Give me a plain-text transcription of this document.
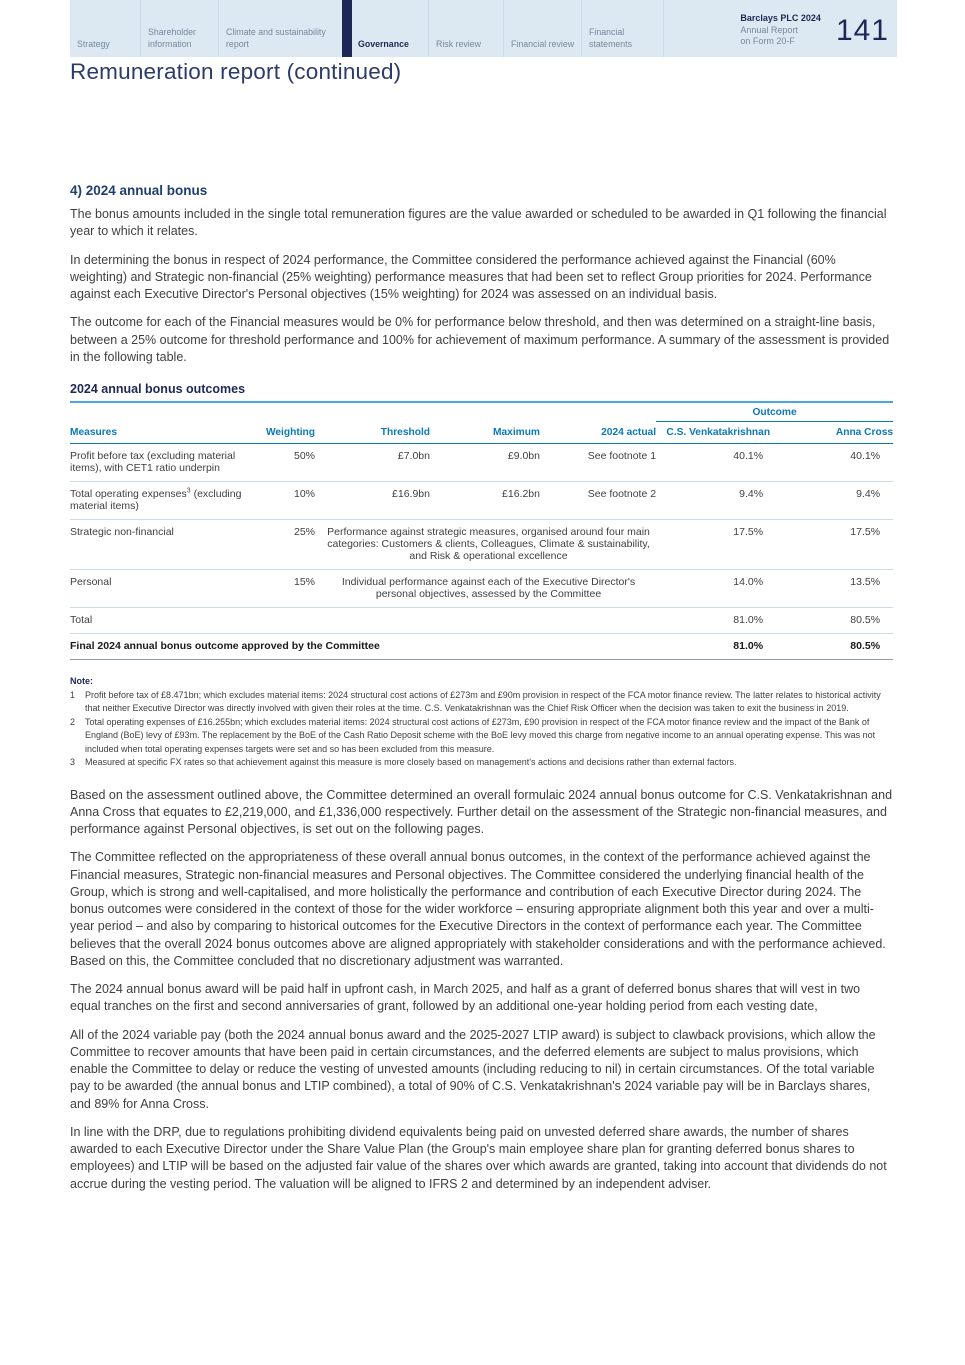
Strategy
Shareholder information
Climate and sustainability report	Governance	Risk review	Financial review
Financial statements
Barclays PLC 2024
Annual Report
on Form 20-F	141
Remuneration report (continued)
4) 2024 annual bonus

The bonus amounts included in the single total remuneration figures are the value awarded or scheduled to be awarded in Q1 following the financial year to which it relates.

In determining the bonus in respect of 2024 performance, the Committee considered the performance achieved against the Financial (60% weighting) and Strategic non-financial (25% weighting) performance measures that had been set to reflect Group priorities for 2024. Performance against each Executive Director's Personal objectives (15% weighting) for 2024 was assessed on an individual basis.

The outcome for each of the Financial measures would be 0% for performance below threshold, and then was determined on a straight-line basis, between a 25% outcome for threshold performance and 100% for achievement of maximum performance. A summary of the assessment is provided in the following table.

2024 annual bonus outcomes
					Outcome	
Measures	Weighting	Threshold	Maximum	2024 actual	C.S. Venkatakrishnan	Anna Cross
Profit before tax (excluding material items), with CET1 ratio underpin	50%	£7.0bn	£9.0bn	See footnote 1	40.1%	40.1%
Total operating expenses$^3$ (excluding material items)	10%	£16.9bn	£16.2bn	See footnote 2	9.4%	9.4%
Strategic non-financial	25%	Performance against strategic measures, organised around four main categories: Customers & clients, Colleagues, Climate & sustainability, and Risk & operational excellence			17.5%	17.5%
Personal	15%	Individual performance against each of the Executive Director's personal objectives, assessed by the Committee			14.0%	13.5%
Total					81.0%	80.5%
Final 2024 annual bonus outcome approved by the Committee					81.0%	80.5%
Note:
1	Profit before tax of £8.471bn; which excludes material items: 2024 structural cost actions of £273m and £90m provision in respect of the FCA motor finance review. The latter relates to historical activity that neither Executive Director was directly involved with given their roles at the time. C.S. Venkatakrishnan was the Chief Risk Officer when the decision was taken to exit the business in 2019.
2	Total operating expenses of £16.255bn; which excludes material items: 2024 structural cost actions of £273m, £90 provision in respect of the FCA motor finance review and the impact of the Bank of England (BoE) levy of £93m. The replacement by the BoE of the Cash Ratio Deposit scheme with the BoE levy moved this charge from negative income to an annual operating expense. This was not included when total operating expenses targets were set and so has been excluded from this measure.
3	Measured at specific FX rates so that achievement against this measure is more closely based on management's actions and decisions rather than external factors.

Based on the assessment outlined above, the Committee determined an overall formulaic 2024 annual bonus outcome for C.S. Venkatakrishnan and Anna Cross that equates to £2,219,000, and £1,336,000 respectively. Further detail on the assessment of the Strategic non-financial measures, and performance against Personal objectives, is set out on the following pages.

The Committee reflected on the appropriateness of these overall annual bonus outcomes, in the context of the performance achieved against the Financial measures, Strategic non-financial measures and Personal objectives. The Committee considered the underlying financial health of the Group, which is strong and well-capitalised, and more holistically the performance and contribution of each Executive Director during 2024. The bonus outcomes were considered in the context of those for the wider workforce – ensuring appropriate alignment both this year and over a multi-year period – and also by comparing to historical outcomes for the Executive Directors in the context of performance each year. The Committee believes that the overall 2024 bonus outcomes above are aligned appropriately with stakeholder considerations and with the performance achieved. Based on this, the Committee concluded that no discretionary adjustment was warranted.

The 2024 annual bonus award will be paid half in upfront cash, in March 2025, and half as a grant of deferred bonus shares that will vest in two equal tranches on the first and second anniversaries of grant, followed by an additional one-year holding period from each vesting date,

All of the 2024 variable pay (both the 2024 annual bonus award and the 2025-2027 LTIP award) is subject to clawback provisions, which allow the Committee to recover amounts that have been paid in certain circumstances, and the deferred elements are subject to malus provisions, which enable the Committee to delay or reduce the vesting of unvested amounts (including reducing to nil) in certain circumstances. Of the total variable pay to be awarded (the annual bonus and LTIP combined), a total of 90% of C.S. Venkatakrishnan's 2024 variable pay will be in Barclays shares, and 89% for Anna Cross.

In line with the DRP, due to regulations prohibiting dividend equivalents being paid on unvested deferred share awards, the number of shares awarded to each Executive Director under the Share Value Plan (the Group's main employee share plan for granting deferred bonus shares to employees) and LTIP will be based on the adjusted fair value of the shares over which awards are granted, taking into account that dividends do not accrue during the vesting period. The valuation will be aligned to IFRS 2 and determined by an independent adviser.
